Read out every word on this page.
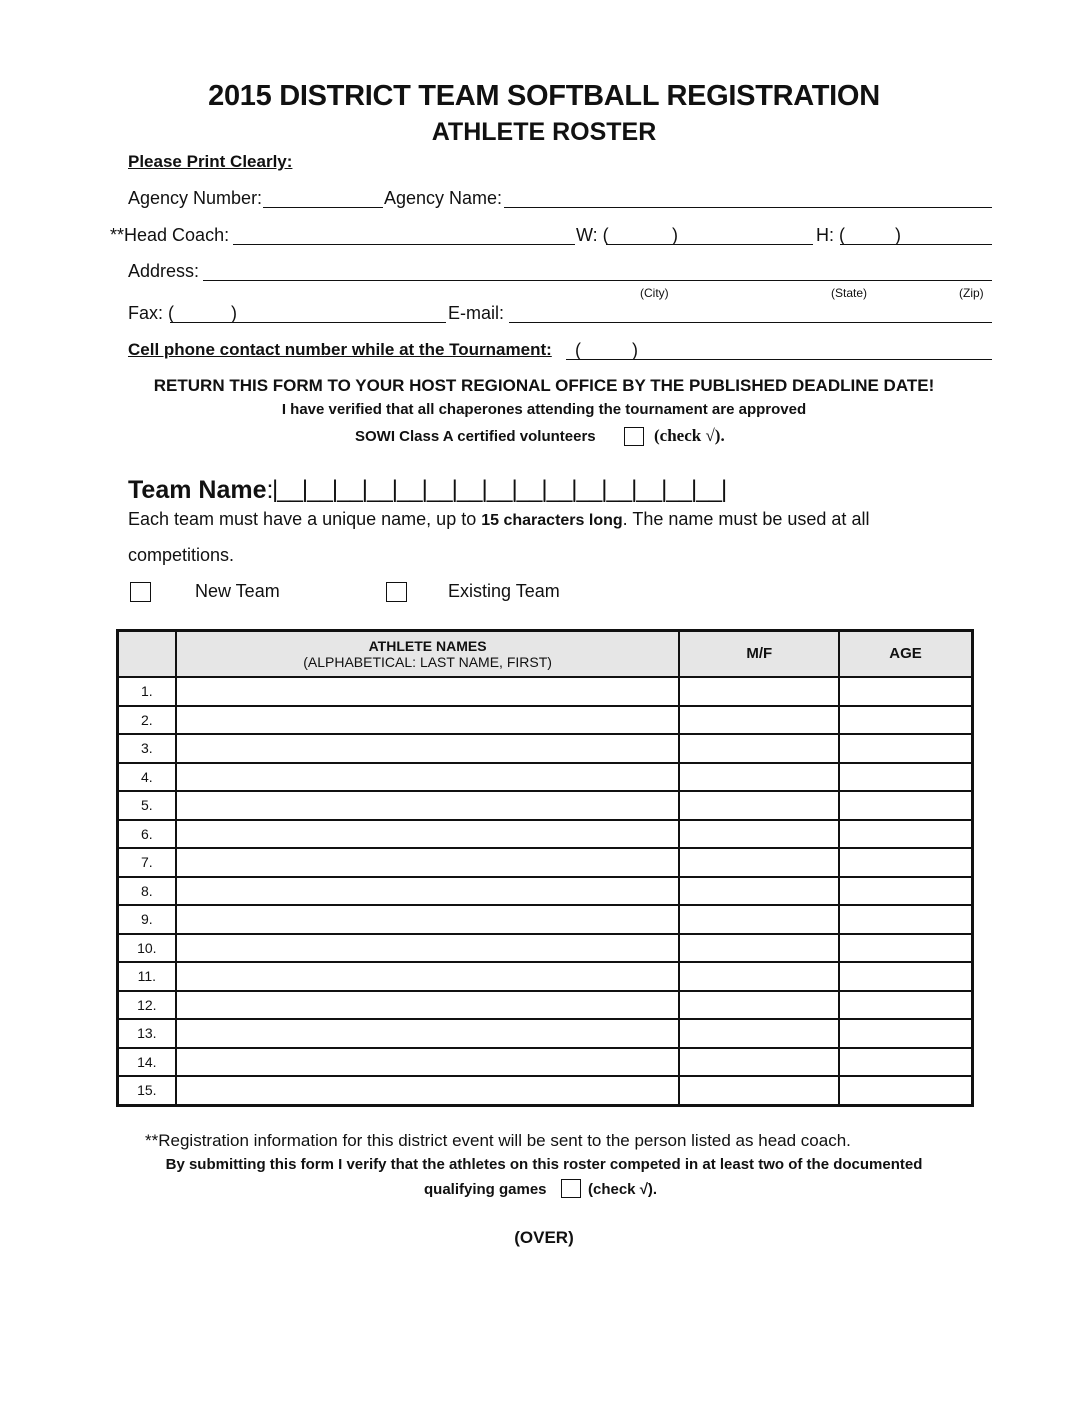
2015 DISTRICT TEAM SOFTBALL REGISTRATION
ATHLETE ROSTER
Please Print Clearly:
Agency Number:	Agency Name:
**Head Coach:	W: (	)	H: (	)
Address:
(City)	(State)	(Zip)
Fax: (	)	E-mail:
Cell phone contact number while at the Tournament: (	)
RETURN THIS FORM TO YOUR HOST REGIONAL OFFICE BY THE PUBLISHED DEADLINE DATE!
I have verified that all chaperones attending the tournament are approved
SOWI Class A certified volunteers	(check √).
Team Name:
|__|__|__|__|__|__|__|__|__|__|__|__|__|__|__|
Each team must have a unique name, up to 15 characters long. The name must be used at all
competitions.
New Team	Existing Team

	ATHLETE NAMES
(ALPHABETICAL: LAST NAME, FIRST)	M/F	AGE
1.			
2.			
3.			
4.			
5.			
6.			
7.			
8.			
9.			
10.			
11.			
12.			
13.			
14.			
15.			
**Registration information for this district event will be sent to the person listed as head coach.
By submitting this form I verify that the athletes on this roster competed in at least two of the documented
qualifying games	(check √).
(OVER)
